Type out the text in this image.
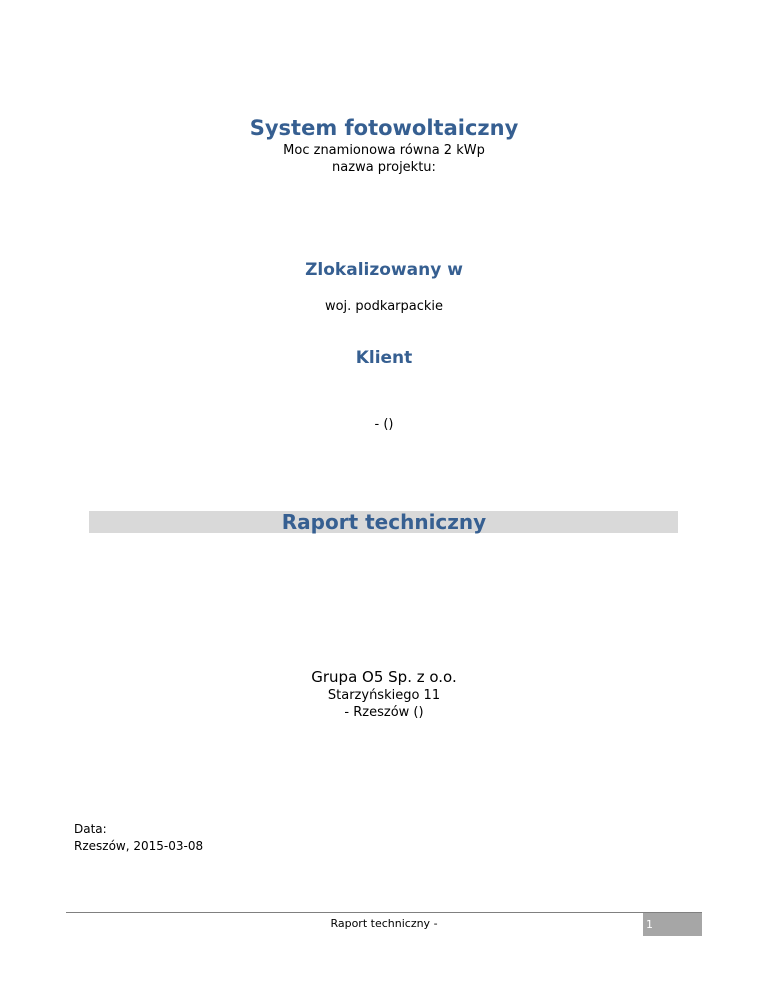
System fotowoltaiczny
Moc znamionowa równa 2 kWp
nazwa projektu:
Zlokalizowany w
woj. podkarpackie
Klient
- ()
Raport techniczny
Grupa O5 Sp. z o.o.
Starzyńskiego 11
- Rzeszów ()
Data:
Rzeszów, 2015-03-08
Raport techniczny -	1
